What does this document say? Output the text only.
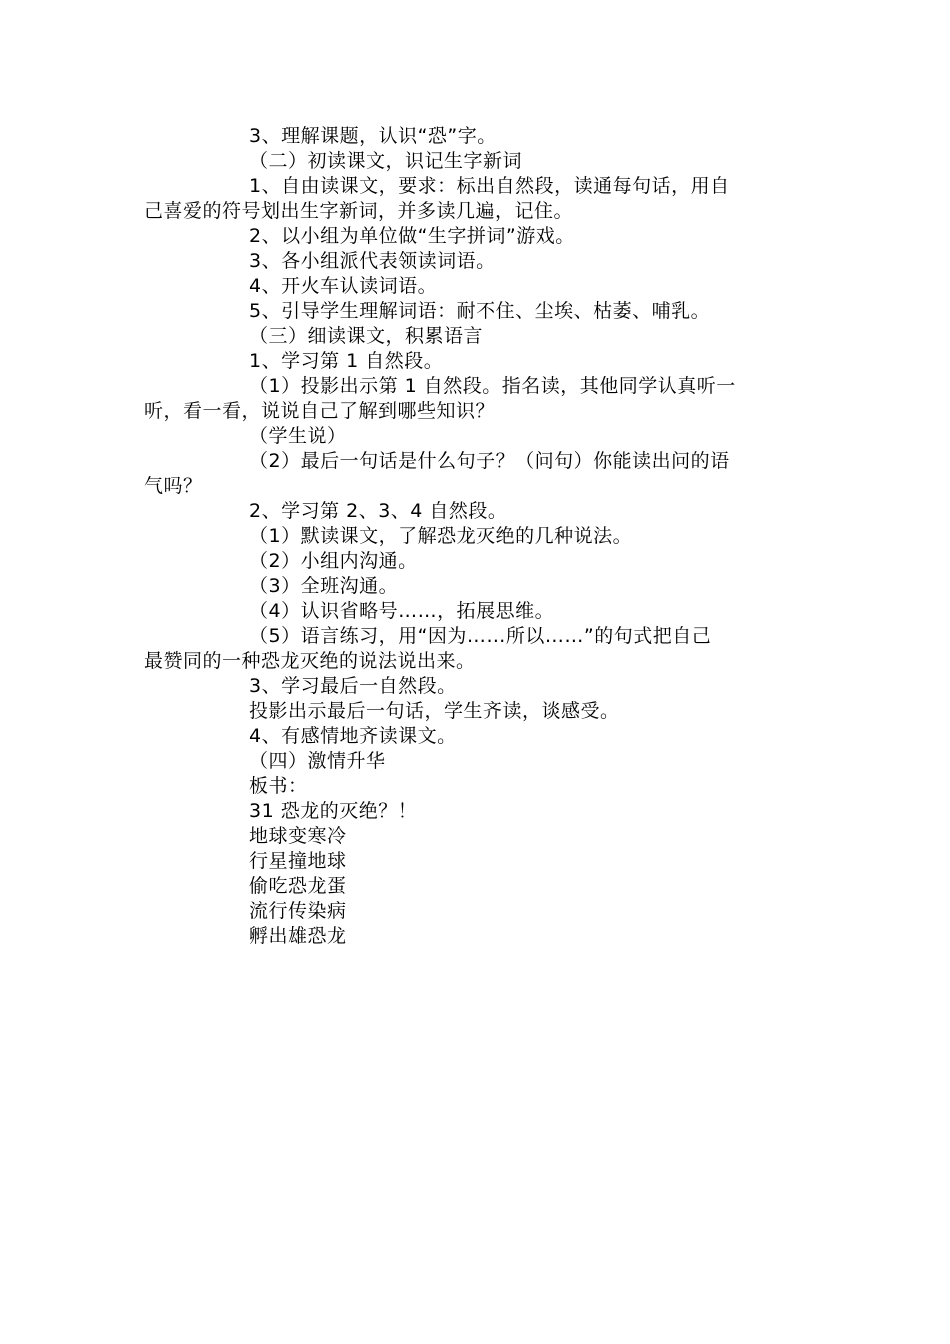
3、理解课题，认识“恐”字。
（二）初读课文，识记生字新词
1、自由读课文，要求：标出自然段，读通每句话，用自
己喜爱的符号划出生字新词，并多读几遍，记住。
2、以小组为单位做“生字拼词”游戏。
3、各小组派代表领读词语。
4、开火车认读词语。
5、引导学生理解词语：耐不住、尘埃、枯萎、哺乳。
（三）细读课文，积累语言
1、学习第 1 自然段。
（1）投影出示第 1 自然段。指名读，其他同学认真听一
听，看一看，说说自己了解到哪些知识？
（学生说）
（2）最后一句话是什么句子？（问句）你能读出问的语
气吗？
2、学习第 2、3、4 自然段。
（1）默读课文，了解恐龙灭绝的几种说法。
（2）小组内沟通。
（3）全班沟通。
（4）认识省略号……，拓展思维。
（5）语言练习，用“因为……所以……”的句式把自己
最赞同的一种恐龙灭绝的说法说出来。
3、学习最后一自然段。
投影出示最后一句话，学生齐读，谈感受。
4、有感情地齐读课文。
（四）激情升华
板书：
31 恐龙的灭绝？！
地球变寒冷
行星撞地球
偷吃恐龙蛋
流行传染病
孵出雄恐龙
